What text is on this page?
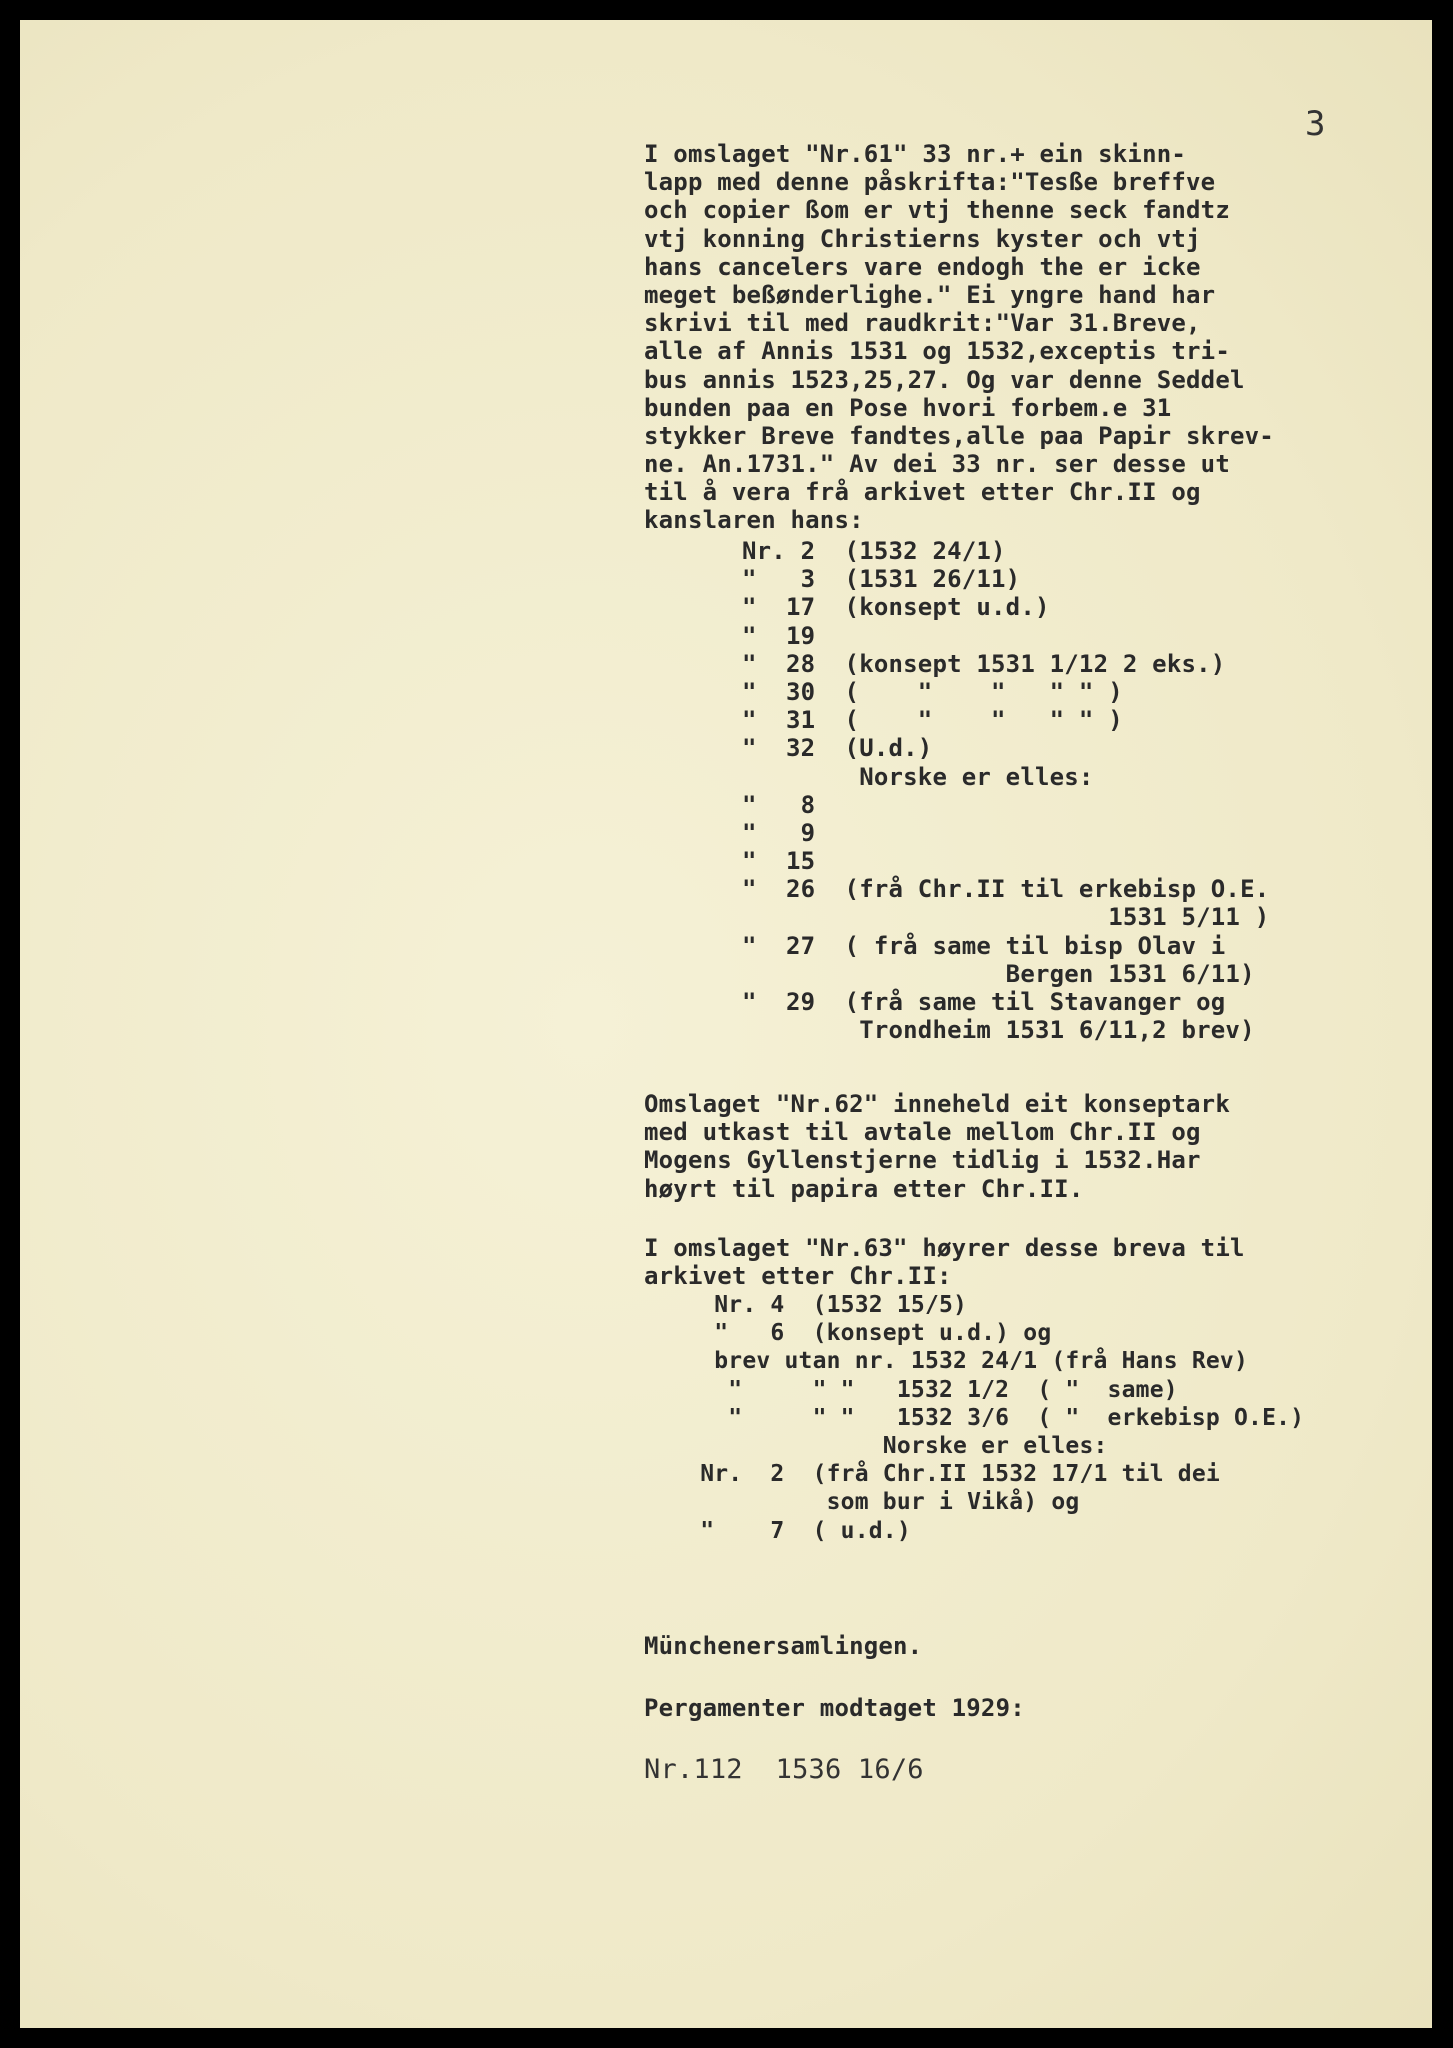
3
I omslaget "Nr.61" 33 nr.+ ein skinn-
lapp med denne påskrifta:"Tesße breffve
och copier ßom er vtj thenne seck fandtz
vtj konning Christierns kyster och vtj
hans cancelers vare endogh the er icke
meget beßønderlighe." Ei yngre hand har
skrivi til med raudkrit:"Var 31.Breve,
alle af Annis 1531 og 1532,exceptis tri-
bus annis 1523,25,27. Og var denne Seddel
bunden paa en Pose hvori forbem.e 31
stykker Breve fandtes,alle paa Papir skrev-
ne. An.1731." Av dei 33 nr. ser desse ut
til å vera frå arkivet etter Chr.II og
kanslaren hans:
Nr. 2  (1532 24/1)
"   3  (1531 26/11)
"  17  (konsept u.d.)
"  19
"  28  (konsept 1531 1/12 2 eks.)
"  30  (    "    "   " " )
"  31  (    "    "   " " )
"  32  (U.d.)
Norske er elles:
"   8
"   9
"  15
"  26  (frå Chr.II til erkebisp O.E.
1531 5/11 )
"  27  ( frå same til bisp Olav i
Bergen 1531 6/11)
"  29  (frå same til Stavanger og
Trondheim 1531 6/11,2 brev)
Omslaget "Nr.62" inneheld eit konseptark
med utkast til avtale mellom Chr.II og
Mogens Gyllenstjerne tidlig i 1532.Har
høyrt til papira etter Chr.II.
I omslaget "Nr.63" høyrer desse breva til
arkivet etter Chr.II:
Nr. 4  (1532 15/5)
"   6  (konsept u.d.) og
brev utan nr. 1532 24/1 (frå Hans Rev)
"     " "   1532 1/2  ( "  same)
"     " "   1532 3/6  ( "  erkebisp O.E.)
Norske er elles:
Nr.  2  (frå Chr.II 1532 17/1 til dei
som bur i Vikå) og
"    7  ( u.d.)
Münchenersamlingen.
Pergamenter modtaget 1929:
Nr.112  1536 16/6
